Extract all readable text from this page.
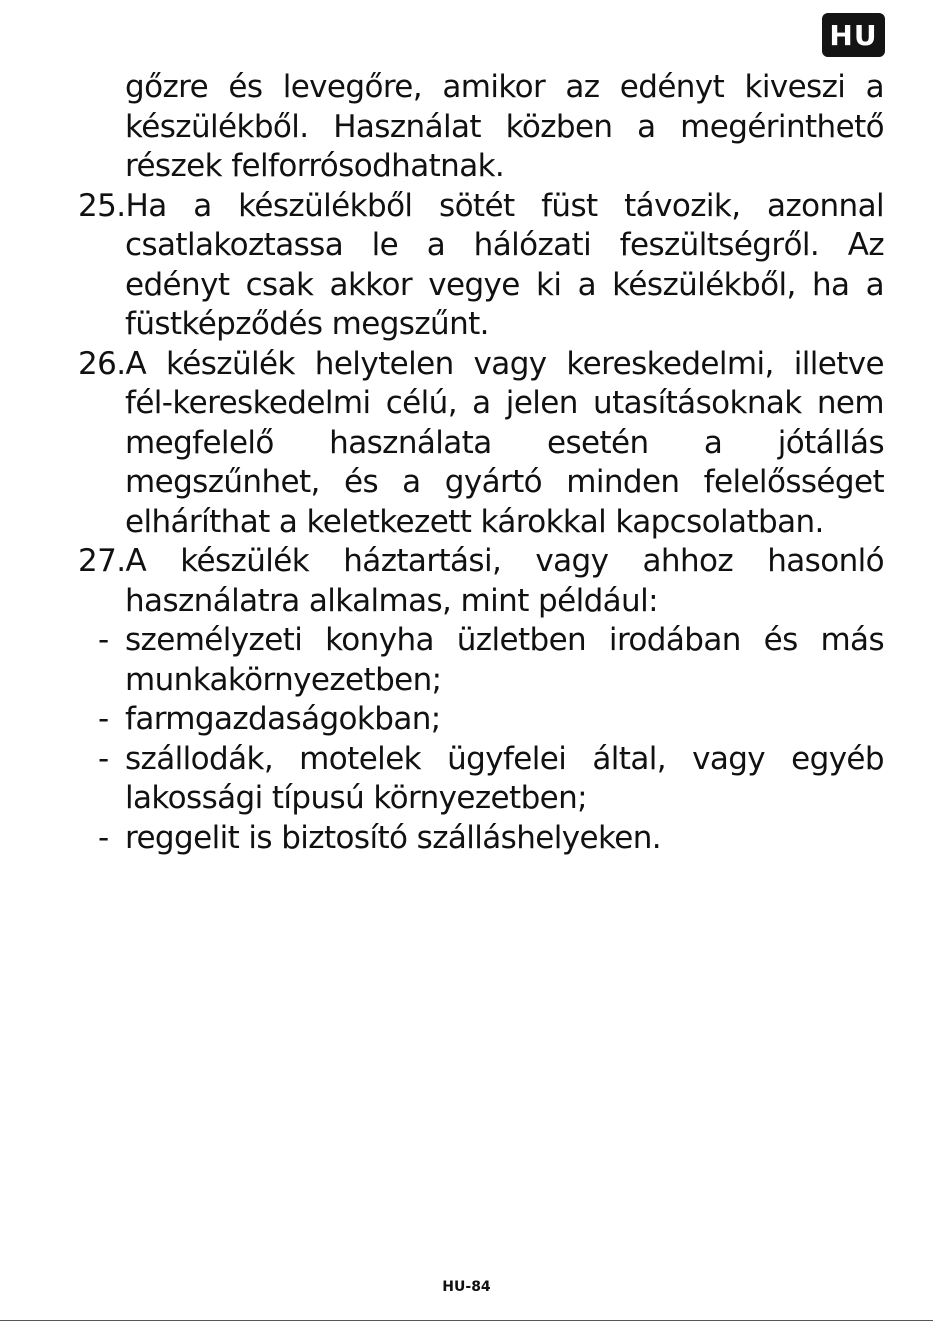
HU

gőzre és levegőre, amikor az edényt kiveszi a készülékből. Használat közben a megérinthető részek felforrósodhatnak.

25.Ha a készülékből sötét füst távozik, azonnal csatlakoztassa le a hálózati feszültségről. Az edényt csak akkor vegye ki a készülékből, ha a füstképződés megszűnt.

26.A készülék helytelen vagy kereskedelmi, illetve fél-kereskedelmi célú, a jelen utasításoknak nem megfelelő használata esetén a jótállás megszűnhet, és a gyártó minden felelősséget elháríthat a keletkezett károkkal kapcsolatban.

27.A készülék háztartási, vagy ahhoz hasonló használatra alkalmas, mint például:

- személyzeti konyha üzletben irodában és más munkakörnyezetben;

- farmgazdaságokban;

- szállodák, motelek ügyfelei által, vagy egyéb lakossági típusú környezetben;

- reggelit is biztosító szálláshelyeken.

HU-84
